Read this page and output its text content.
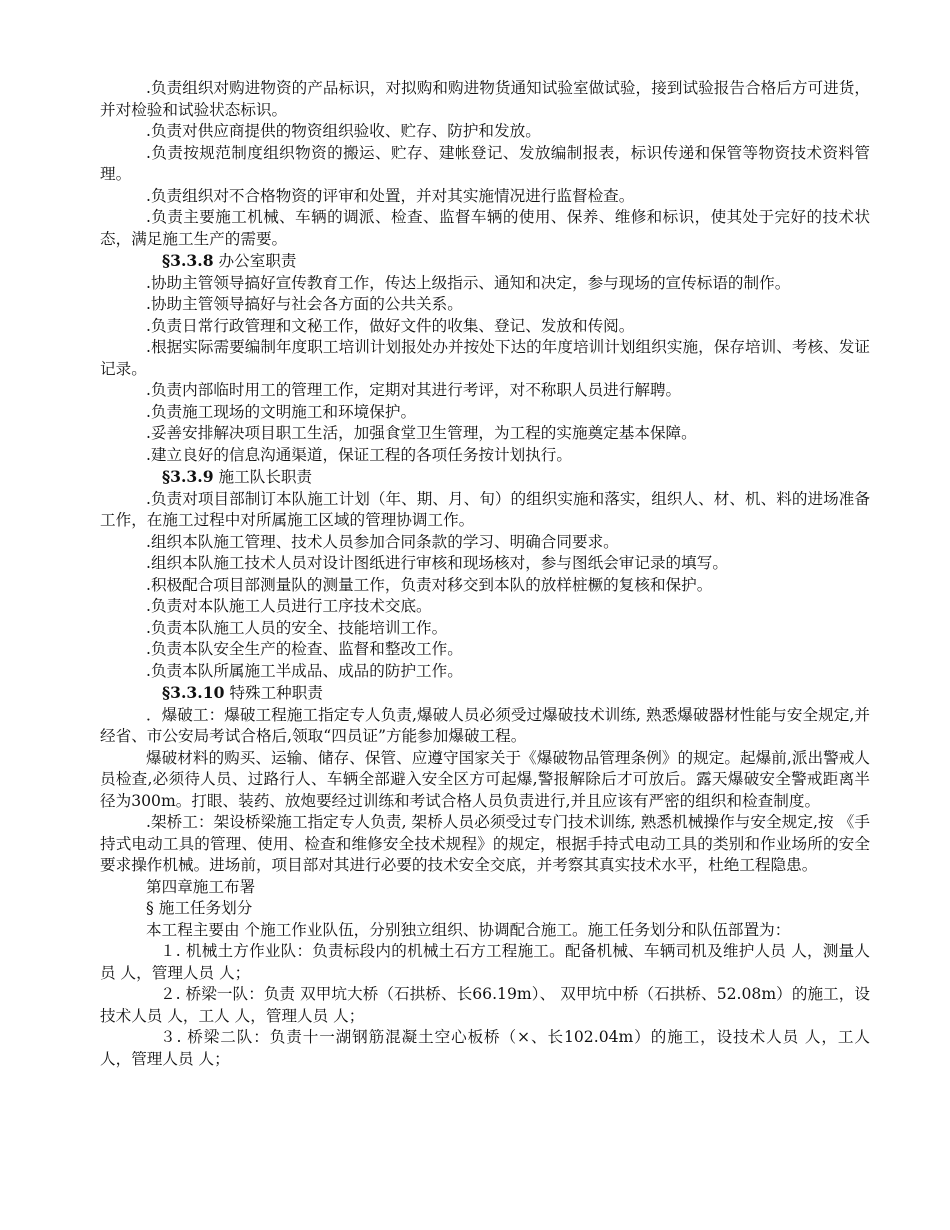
.负责组织对购进物资的产品标识，对拟购和购进物货通知试验室做试验，接到试验报告合格后方可进货，并对检验和试验状态标识。

.负责对供应商提供的物资组织验收、贮存、防护和发放。

.负责按规范制度组织物资的搬运、贮存、建帐登记、发放编制报表，标识传递和保管等物资技术资料管理。

.负责组织对不合格物资的评审和处置，并对其实施情况进行监督检查。

.负责主要施工机械、车辆的调派、检查、监督车辆的使用、保养、维修和标识，使其处于完好的技术状态，满足施工生产的需要。

§3.3.8 办公室职责

.协助主管领导搞好宣传教育工作，传达上级指示、通知和决定，参与现场的宣传标语的制作。

.协助主管领导搞好与社会各方面的公共关系。

.负责日常行政管理和文秘工作，做好文件的收集、登记、发放和传阅。

.根据实际需要编制年度职工培训计划报处办并按处下达的年度培训计划组织实施，保存培训、考核、发证记录。

.负责内部临时用工的管理工作，定期对其进行考评，对不称职人员进行解聘。

.负责施工现场的文明施工和环境保护。

.妥善安排解决项目职工生活，加强食堂卫生管理，为工程的实施奠定基本保障。

.建立良好的信息沟通渠道，保证工程的各项任务按计划执行。

§3.3.9 施工队长职责

.负责对项目部制订本队施工计划（年、期、月、旬）的组织实施和落实，组织人、材、机、料的进场准备工作，在施工过程中对所属施工区域的管理协调工作。

.组织本队施工管理、技术人员参加合同条款的学习、明确合同要求。

.组织本队施工技术人员对设计图纸进行审核和现场核对，参与图纸会审记录的填写。

.积极配合项目部测量队的测量工作，负责对移交到本队的放样桩橛的复核和保护。

.负责对本队施工人员进行工序技术交底。

.负责本队施工人员的安全、技能培训工作。

.负责本队安全生产的检查、监督和整改工作。

.负责本队所属施工半成品、成品的防护工作。

§3.3.10 特殊工种职责

．爆破工：爆破工程施工指定专人负责,爆破人员必须受过爆破技术训练, 熟悉爆破器材性能与安全规定,并经省、市公安局考试合格后,领取“四员证”方能参加爆破工程。

爆破材料的购买、运输、储存、保管、应遵守国家关于《爆破物品管理条例》的规定。起爆前,派出警戒人员检查,必须待人员、过路行人、车辆全部避入安全区方可起爆,警报解除后才可放后。露天爆破安全警戒距离半径为300m。打眼、装药、放炮要经过训练和考试合格人员负责进行,并且应该有严密的组织和检查制度。

.架桥工：架设桥梁施工指定专人负责, 架桥人员必须受过专门技术训练, 熟悉机械操作与安全规定,按 《手持式电动工具的管理、使用、检查和维修安全技术规程》的规定，根据手持式电动工具的类别和作业场所的安全要求操作机械。进场前，项目部对其进行必要的技术安全交底，并考察其真实技术水平，杜绝工程隐患。

第四章施工布署

§ 施工任务划分

本工程主要由 个施工作业队伍，分别独立组织、协调配合施工。施工任务划分和队伍部置为：

１. 机械土方作业队：负责标段内的机械土石方工程施工。配备机械、车辆司机及维护人员 人，测量人员 人，管理人员 人；

２. 桥梁一队：负责 双甲坑大桥（石拱桥、长66.19m）、 双甲坑中桥（石拱桥、52.08m）的施工，设技术人员 人，工人 人，管理人员 人；

３. 桥梁二队：负责十一湖钢筋混凝土空心板桥（×、长102.04m）的施工，设技术人员 人，工人 人，管理人员 人；
